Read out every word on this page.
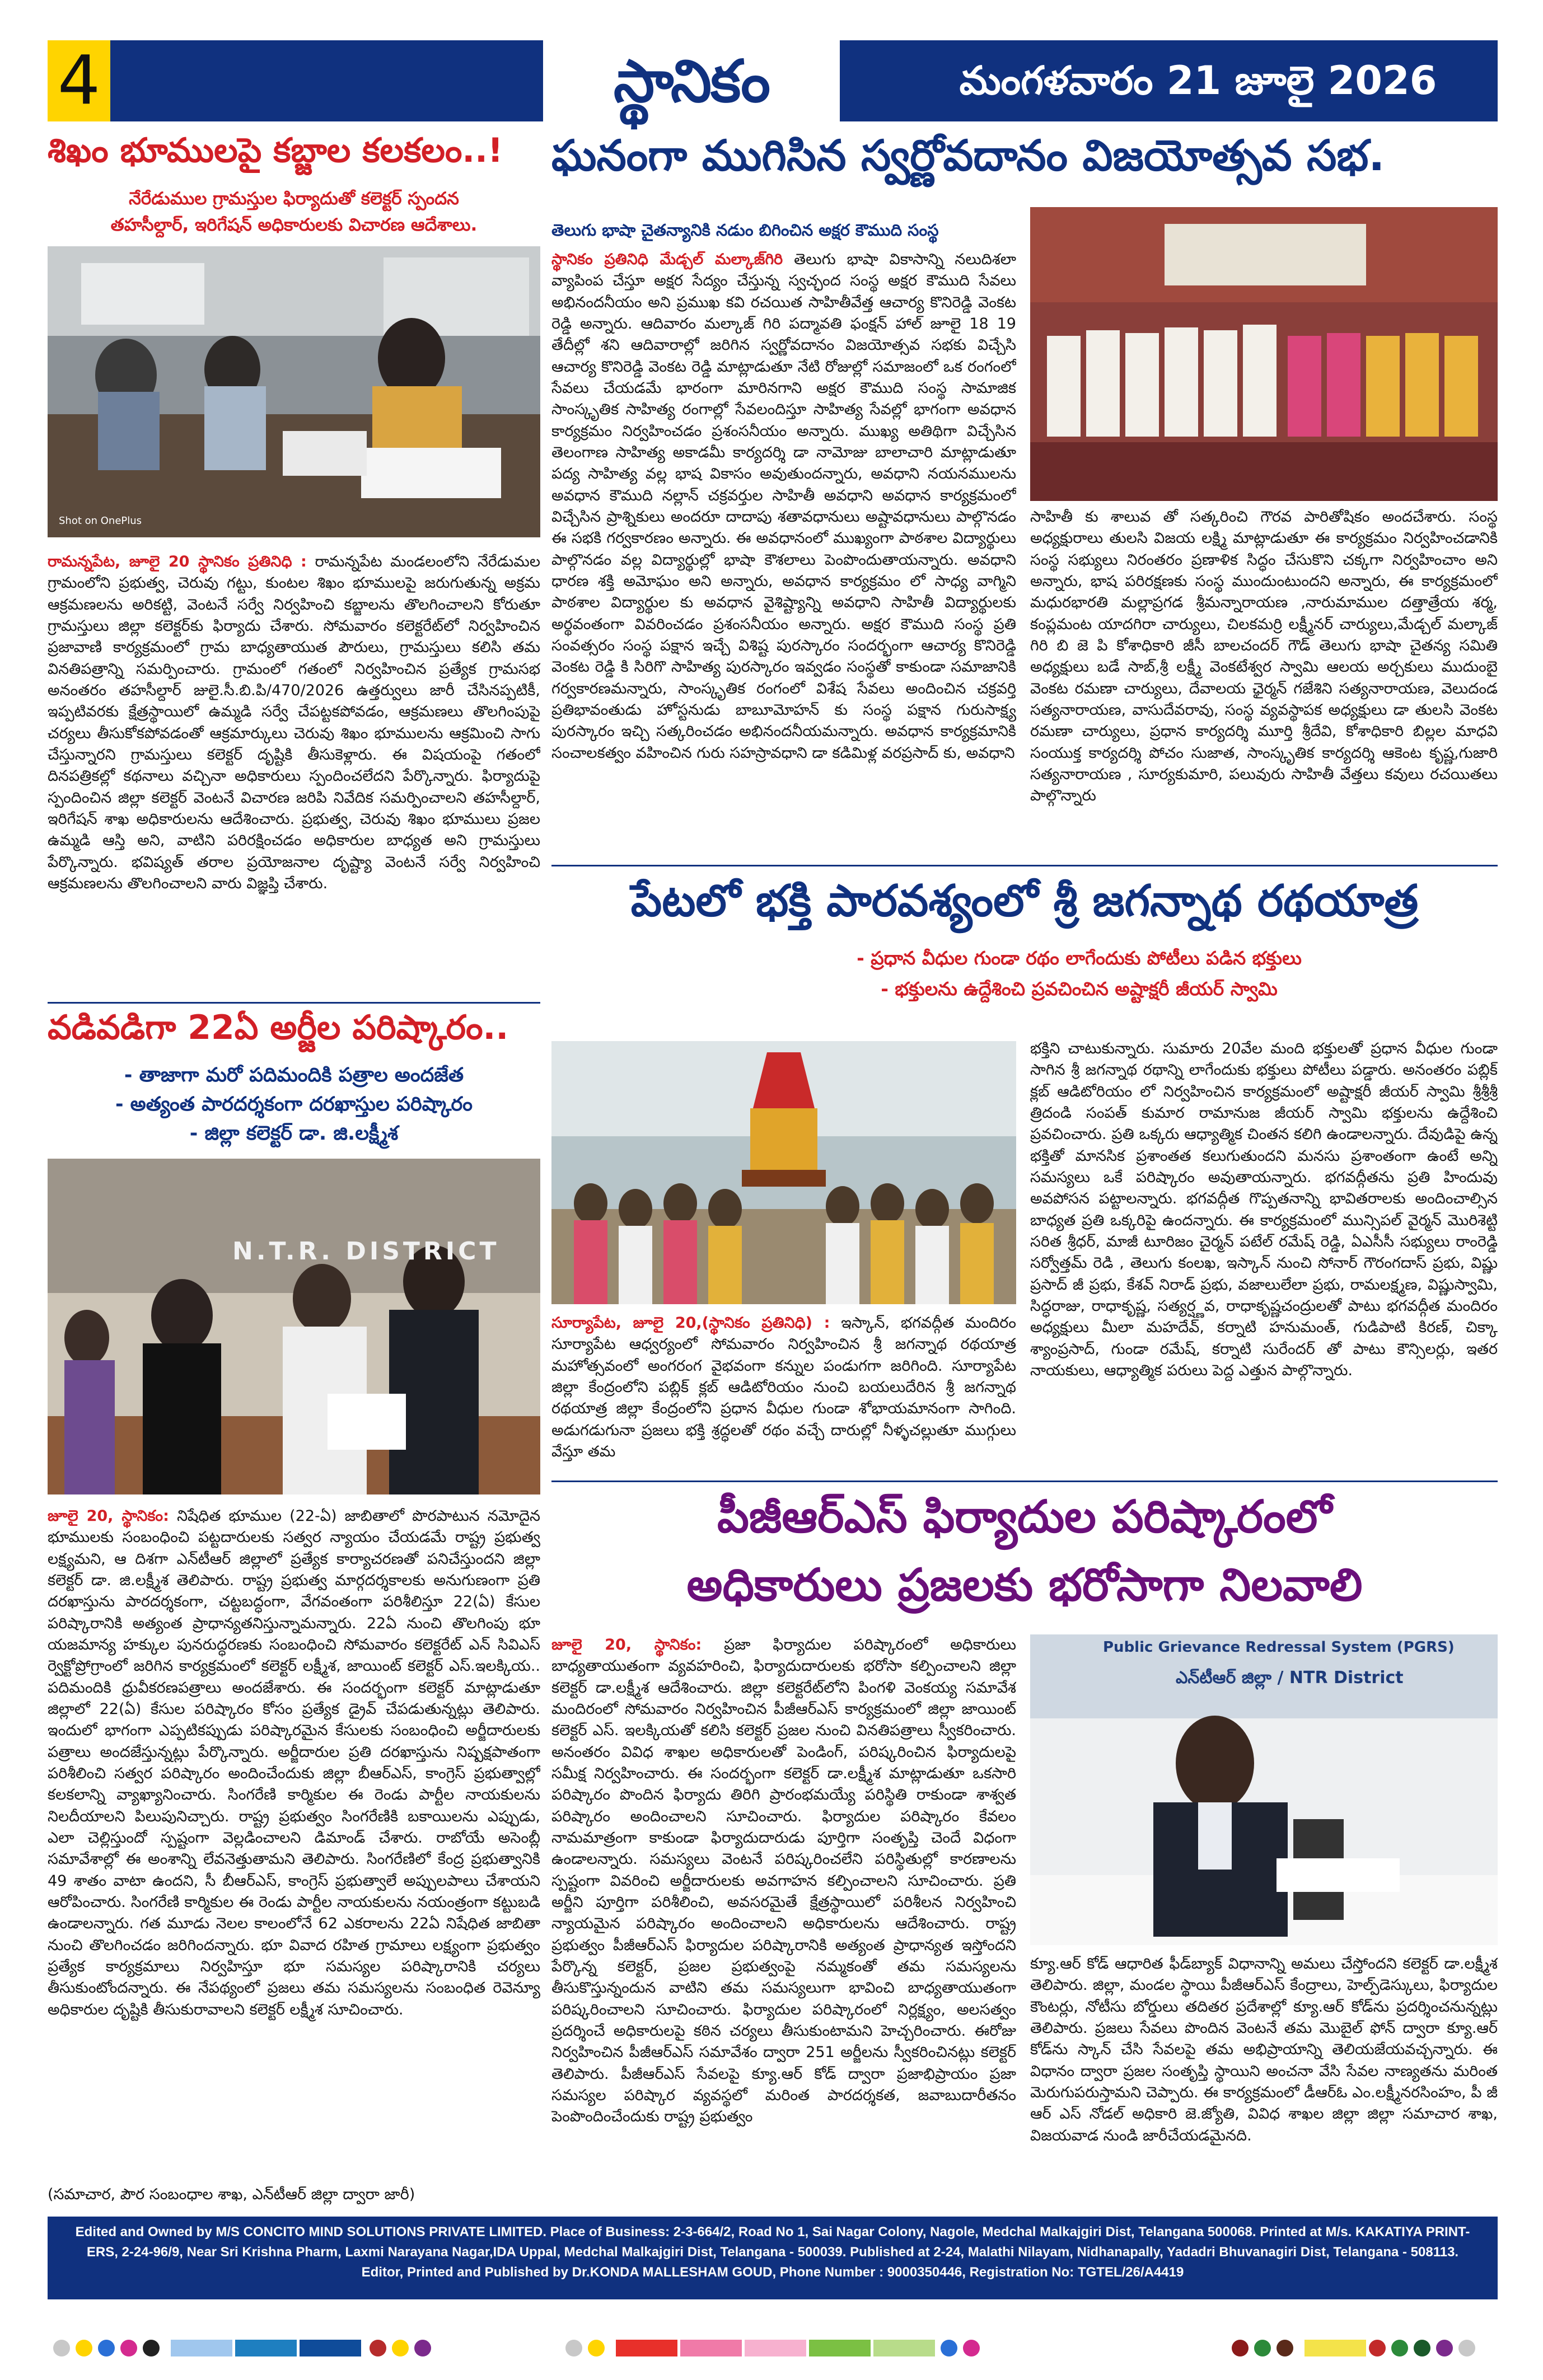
4	స్థానికం	మంగళవారం 21 జూలై 2026
శిఖం భూములపై కబ్జాల కలకలం..!
నేరేడుముల గ్రామస్తుల ఫిర్యాదుతో కలెక్టర్ స్పందన
తహసీల్దార్, ఇరిగేషన్ అధికారులకు విచారణ ఆదేశాలు.
Shot on OnePlus
రామన్నపేట, జూలై 20 స్థానికం ప్రతినిధి : రామన్నపేట మండలంలోని నేరేడుమల గ్రామంలోని ప్రభుత్వ, చెరువు గట్టు, కుంటల శిఖం భూములపై జరుగుతున్న అక్రమ ఆక్రమణలను అరికట్టి, వెంటనే సర్వే నిర్వహించి కబ్జాలను తొలగించాలని కోరుతూ గ్రామస్తులు జిల్లా కలెక్టర్‌కు ఫిర్యాదు చేశారు. సోమవారం కలెక్టరేట్‌లో నిర్వహించిన ప్రజావాణి కార్యక్రమంలో గ్రామ బాధ్యతాయుత పౌరులు, గ్రామస్తులు కలిసి తమ వినతిపత్రాన్ని సమర్పించారు. గ్రామంలో గతంలో నిర్వహించిన ప్రత్యేక గ్రామసభ అనంతరం తహసీల్దార్ జులై.సీ.బి.పి/470/2026 ఉత్తర్వులు జారీ చేసినప్పటికీ, ఇప్పటివరకు క్షేత్రస్థాయిలో ఉమ్మడి సర్వే చేపట్టకపోవడం, ఆక్రమణలు తొలగింపుపై చర్యలు తీసుకోకపోవడంతో ఆక్రమార్కులు చెరువు శిఖం భూములను ఆక్రమించి సాగు చేస్తున్నారని గ్రామస్తులు కలెక్టర్ దృష్టికి తీసుకెళ్లారు. ఈ విషయంపై గతంలో దినపత్రికల్లో కథనాలు వచ్చినా అధికారులు స్పందించలేదని పేర్కొన్నారు. ఫిర్యాదుపై స్పందించిన జిల్లా కలెక్టర్ వెంటనే విచారణ జరిపి నివేదిక సమర్పించాలని తహసీల్దార్, ఇరిగేషన్ శాఖ అధికారులను ఆదేశించారు. ప్రభుత్వ, చెరువు శిఖం భూములు ప్రజల ఉమ్మడి ఆస్తి అని, వాటిని పరిరక్షించడం అధికారుల బాధ్యత అని గ్రామస్తులు పేర్కొన్నారు. భవిష్యత్ తరాల ప్రయోజనాల దృష్ట్యా వెంటనే సర్వే నిర్వహించి ఆక్రమణలను తొలగించాలని వారు విజ్ఞప్తి చేశారు.
వడివడిగా 22ఏ అర్జీల పరిష్కారం..
- తాజాగా మరో పదిమందికి పత్రాల అందజేత
- అత్యంత పారదర్శకంగా దరఖాస్తుల పరిష్కారం
- జిల్లా కలెక్టర్ డా. జి.లక్ష్మీశ
N.T.R. DISTRICT
జూలై 20, స్థానికం: నిషేధిత భూముల (22-ఏ) జాబితాలో పొరపాటున నమోదైన భూములకు సంబంధించి పట్టదారులకు సత్వర న్యాయం చేయడమే రాష్ట్ర ప్రభుత్వ లక్ష్యమని, ఆ దిశగా ఎన్‌టీఆర్ జిల్లాలో ప్రత్యేక కార్యాచరణతో పనిచేస్తుందని జిల్లా కలెక్టర్ డా. జి.లక్ష్మీశ తెలిపారు. రాష్ట్ర ప్రభుత్వ మార్గదర్శకాలకు అనుగుణంగా ప్రతి దరఖాస్తును పారదర్శకంగా, చట్టబద్ధంగా, వేగవంతంగా పరిశీలిస్తూ 22(ఏ) కేసుల పరిష్కారానికి అత్యంత ప్రాధాన్యతనిస్తున్నామన్నారు. 22ఏ నుంచి తొలగింపు భూ యజమాన్య హక్కుల పునరుద్ధరణకు సంబంధించి సోమవారం కలెక్టరేట్ ఎన్ సివిఎస్ ర్వెక్టోప్రోగ్రాంలో జరిగిన కార్యక్రమంలో కలెక్టర్ లక్ష్మీశ, జాయింట్ కలెక్టర్ ఎస్.ఇలక్కియ.. పదిమందికి ధ్రువీకరణపత్రాలు అందజేశారు. ఈ సందర్భంగా కలెక్టర్ మాట్లాడుతూ జిల్లాలో 22(ఏ) కేసుల పరిష్కారం కోసం ప్రత్యేక డ్రైవ్ చేపడుతున్నట్లు తెలిపారు. ఇందులో భాగంగా ఎప్పటికప్పుడు పరిష్కారమైన కేసులకు సంబంధించి అర్జీదారులకు పత్రాలు అందజేస్తున్నట్లు పేర్కొన్నారు. అర్జీదారుల ప్రతి దరఖాస్తును నిష్పక్షపాతంగా పరిశీలించి సత్వర పరిష్కారం అందించేందుకు జిల్లా బీఆర్ఎస్, కాంగ్రెస్ ప్రభుత్వాల్లో కలకలాన్ని వ్యాఖ్యానించారు. సింగరేణి కార్మికుల ఈ రెండు పార్టీల నాయకులను నిలదీయాలని పిలుపునిచ్చారు. రాష్ట్ర ప్రభుత్వం సింగరేణికి బకాయిలను ఎప్పుడు, ఎలా చెల్లిస్తుందో స్పష్టంగా వెల్లడించాలని డిమాండ్ చేశారు. రాబోయే అసెంబ్లీ సమావేశాల్లో ఈ అంశాన్ని లేవనెత్తుతామని తెలిపారు. సింగరేణిలో కేంద్ర ప్రభుత్వానికి 49 శాతం వాటా ఉందని, సీ బీఆర్ఎస్, కాంగ్రెస్ ప్రభుత్వాలే అప్పులపాలు చేశాయని ఆరోపించారు. సింగరేణి కార్మికుల ఈ రెండు పార్టీల నాయకులను నయంత్రంగా కట్టుబడి ఉండాలన్నారు. గత మూడు నెలల కాలంలోనే 62 ఎకరాలను 22ఏ నిషేధిత జాబితా నుంచి తొలగించడం జరిగిందన్నారు. భూ వివాద రహిత గ్రామాలు లక్ష్యంగా ప్రభుత్వం ప్రత్యేక కార్యక్రమాలు నిర్వహిస్తూ భూ సమస్యల పరిష్కారానికి చర్యలు తీసుకుంటోందన్నారు. ఈ నేపథ్యంలో ప్రజలు తమ సమస్యలను సంబంధిత రెవెన్యూ అధికారుల దృష్టికి తీసుకురావాలని కలెక్టర్ లక్ష్మీశ సూచించారు.
(సమాచార, పౌర సంబంధాల శాఖ, ఎన్‌టీఆర్ జిల్లా ద్వారా జారీ)
ఘనంగా ముగిసిన స్వర్ణోవదానం విజయోత్సవ సభ.
తెలుగు భాషా చైతన్యానికి నడుం బిగించిన అక్షర కౌముది సంస్థ
స్థానికం ప్రతినిధి మేడ్చల్ మల్కాజ్‌గిరి తెలుగు భాషా వికాసాన్ని నలుదిశలా వ్యాపింప చేస్తూ అక్షర సేద్యం చేస్తున్న స్వచ్ఛంద సంస్థ అక్షర కౌముది సేవలు అభినందనీయం అని ప్రముఖ కవి రచయిత సాహితీవేత్త ఆచార్య కొనిరెడ్డి వెంకట రెడ్డి అన్నారు. ఆదివారం మల్కాజ్ గిరి పద్మావతి ఫంక్షన్ హాల్ జూలై 18 19 తేదీల్లో శని ఆదివారాల్లో జరిగిన స్వర్ణోవదానం విజయోత్సవ సభకు విచ్చేసి ఆచార్య కొనిరెడ్డి వెంకట రెడ్డి మాట్లాడుతూ నేటి రోజుల్లో సమాజంలో ఒక రంగంలో సేవలు చేయడమే భారంగా మారినగాని అక్షర కౌముది సంస్థ సామాజిక సాంస్కృతిక సాహిత్య రంగాల్లో సేవలందిస్తూ సాహిత్య సేవల్లో భాగంగా అవధాన కార్యక్రమం నిర్వహించడం ప్రశంసనీయం అన్నారు. ముఖ్య అతిథిగా విచ్చేసిన తెలంగాణ సాహిత్య అకాడమీ కార్యదర్శి డా నామోజు బాలాచారి మాట్లాడుతూ పద్య సాహిత్య వల్ల భాష వికాసం అవుతుందన్నారు, అవధాని నయనములను అవధాన కౌముది నల్లాన్ చక్రవర్తుల సాహితీ అవధాని అవధాన కార్యక్రమంలో విచ్చేసిన ప్రాశ్నికులు అందరూ దాదాపు శతావధానులు అష్టావధానులు పాల్గొనడం ఈ సభకి గర్వకారణం అన్నారు. ఈ అవధానంలో ముఖ్యంగా పాఠశాల విద్యార్థులు పాల్గొనడం వల్ల విద్యార్థుల్లో భాషా కౌశలాలు పెంపొందుతాయన్నారు. అవధాని ధారణ శక్తి అమోఘం అని అన్నారు, అవధాన కార్యక్రమం లో సాధ్య వాగ్మిని పాఠశాల విద్యార్థుల కు అవధాన వైశిష్ట్యాన్ని అవధాని సాహితీ విద్యార్థులకు అర్థవంతంగా వివరించడం ప్రశంసనీయం అన్నారు. అక్షర కౌముది సంస్థ ప్రతి సంవత్సరం సంస్థ పక్షాన ఇచ్చే విశిష్ట పురస్కారం సందర్భంగా ఆచార్య కొనిరెడ్డి వెంకట రెడ్డి కి సిరిగొ సాహిత్య పురస్కారం ఇవ్వడం సంస్థతో కాకుండా సమాజానికి గర్వకారణమన్నారు, సాంస్కృతిక రంగంలో విశేష సేవలు అందించిన చక్రవర్తి ప్రతిభావంతుడు హోస్టనుడు బాబూమోహన్ కు సంస్థ పక్షాన గురుసాక్ష్య పురస్కారం ఇచ్చి సత్కరించడం అభినందనీయమన్నారు. అవధాన కార్యక్రమానికి సంచాలకత్వం వహించిన గురు సహస్రావధాని డా కడిమిళ్ల వరప్రసాద్ కు, అవధాని
సాహితీ కు శాలువ తో సత్కరించి గౌరవ పారితోషికం అందచేశారు. సంస్థ అధ్యక్షురాలు తులసి విజయ లక్ష్మి మాట్లాడుతూ ఈ కార్యక్రమం నిర్వహించడానికి సంస్థ సభ్యులు నిరంతరం ప్రణాళిక సిద్ధం చేసుకొని చక్కగా నిర్వహించాం అని అన్నారు, భాష పరిరక్షణకు సంస్థ ముందుంటుందని అన్నారు, ఈ కార్యక్రమంలో మధురభారతి మల్లాప్రగడ శ్రీమన్నారాయణ ,నారుమాముల దత్తాత్రేయ శర్మ, కంప్లమంట యాదగిరా చార్యులు, చిలకమర్రి లక్ష్మీనర్ చార్యులు,మేడ్చల్ మల్కాజ్ గిరి బి జె పి కోశాధికారి జీసీ బాలచందర్ గౌడ్ తెలుగు భాషా చైతన్య సమితి అధ్యక్షులు బడే సాబ్,శ్రీ లక్ష్మీ వెంకటేశ్వర స్వామి ఆలయ అర్చకులు ముదుంబై వెంకట రమణా చార్యులు, దేవాలయ ఛైర్మన్ గజేశిని సత్యనారాయణ, వెలుదండ సత్యనారాయణ, వాసుదేవరావు, సంస్థ వ్యవస్థాపక అధ్యక్షులు డా తులసి వెంకట రమణా చార్యులు, ప్రధాన కార్యదర్శి మూర్తి శ్రీదేవి, కోశాధికారి బిల్లల మాధవి సంయుక్త కార్యదర్శి పోచం సుజాత, సాంస్కృతిక కార్యదర్శి ఆకెంట కృష్ణ,గుజారి సత్యనారాయణ , సూర్యకుమారి, పలువురు సాహితీ వేత్తలు కవులు రచయితలు పాల్గొన్నారు
పేటలో భక్తి పారవశ్యంలో శ్రీ జగన్నాథ రథయాత్ర
- ప్రధాన వీధుల గుండా రథం లాగేందుకు పోటీలు పడిన భక్తులు
- భక్తులను ఉద్దేశించి ప్రవచించిన అష్టాక్షరీ జీయర్ స్వామి
సూర్యాపేట, జూలై 20,(స్థానికం ప్రతినిధి) : ఇస్కాన్, భగవద్గీత మందిరం సూర్యాపేట ఆధ్వర్యంలో సోమవారం నిర్వహించిన శ్రీ జగన్నాథ రథయాత్ర మహోత్సవంలో అంగరంగ వైభవంగా కన్నుల పండుగగా జరిగింది. సూర్యాపేట జిల్లా కేంద్రంలోని పబ్లిక్ క్లబ్ ఆడిటోరియం నుంచి బయలుదేరిన శ్రీ జగన్నాథ రథయాత్ర జిల్లా కేంద్రంలోని ప్రధాన వీధుల గుండా శోభాయమానంగా సాగింది. అడుగడుగునా ప్రజలు భక్తి శ్రద్ధలతో రథం వచ్చే దారుల్లో నీళ్ళచల్లుతూ ముగ్గులు వేస్తూ తమ
భక్తిని చాటుకున్నారు. సుమారు 20వేల మంది భక్తులతో ప్రధాన వీధుల గుండా సాగిన శ్రీ జగన్నాథ రథాన్ని లాగేందుకు భక్తులు పోటీలు పడ్డారు. అనంతరం పబ్లిక్ క్లబ్ ఆడిటోరియం లో నిర్వహించిన కార్యక్రమంలో అష్టాక్షరీ జీయర్ స్వామి శ్రీశ్రీశ్రీ త్రిదండి సంపత్ కుమార రామానుజ జీయర్ స్వామి భక్తులను ఉద్దేశించి ప్రవచించారు. ప్రతి ఒక్కరు ఆధ్యాత్మిక చింతన కలిగి ఉండాలన్నారు. దేవుడిపై ఉన్న భక్తితో మానసిక ప్రశాంతత కలుగుతుందని మనసు ప్రశాంతంగా ఉంటే అన్ని సమస్యలు ఒకే పరిష్కారం అవుతాయన్నారు. భగవద్గీతను ప్రతి హిందువు అవపోసన పట్టాలన్నారు. భగవద్గీత గొప్పతనాన్ని భావితరాలకు అందించాల్సిన బాధ్యత ప్రతి ఒక్కరిపై ఉందన్నారు. ఈ కార్యక్రమంలో మున్సిపల్ వైర్మన్ మొరిశెట్టి సరిత శ్రీధర్, మాజీ టూరిజం చైర్మన్ పటేల్ రమేష్ రెడ్డి, ఏఎసీసీ సభ్యులు రాంరెడ్డి సర్వోత్తమ్ రెడి , తెలుగు కంలఖ, ఇస్కాన్ నుంచి సోనార్ గౌరంగదాస్ ప్రభు, విష్ణు ప్రసాద్ జీ ప్రభు, కేశవ్ నిరాడ్ ప్రభు, వజాలులేలా ప్రభు, రామలక్ష్మణ, విష్ణుస్వామి, సిద్ధరాజు, రాధాకృష్ణ, సత్యర్ష్ణవ, రాధాకృష్ణచంద్రులతో పాటు భగవద్గీత మందిరం అధ్యక్షులు మీలా మహదేవ్, కర్నాటి హనుమంత్, గుడిపాటి కిరణ్, చిక్కా శ్యాంప్రసాద్, గుండా రమేష్, కర్నాటి సురేందర్ తో పాటు కౌన్సిలర్లు, ఇతర నాయకులు, ఆధ్యాత్మిక పరులు పెద్ద ఎత్తున పాల్గొన్నారు.
పీజీఆర్ఎస్ ఫిర్యాదుల పరిష్కారంలో
అధికారులు ప్రజలకు భరోసాగా నిలవాలి
జూలై 20, స్థానికం: ప్రజా ఫిర్యాదుల పరిష్కారంలో అధికారులు బాధ్యతాయుతంగా వ్యవహరించి, ఫిర్యాదుదారులకు భరోసా కల్పించాలని జిల్లా కలెక్టర్ డా.లక్ష్మీశ ఆదేశించారు. జిల్లా కలెక్టరేట్‌లోని పింగళి వెంకయ్య సమావేశ మందిరంలో సోమవారం నిర్వహించిన పీజీఆర్ఎస్ కార్యక్రమంలో జిల్లా జాయింట్ కలెక్టర్ ఎస్. ఇలక్కియతో కలిసి కలెక్టర్ ప్రజల నుంచి వినతిపత్రాలు స్వీకరించారు. అనంతరం వివిధ శాఖల అధికారులతో పెండింగ్, పరిష్కరించిన ఫిర్యాదులపై సమీక్ష నిర్వహించారు. ఈ సందర్భంగా కలెక్టర్ డా.లక్ష్మీశ మాట్లాడుతూ ఒకసారి పరిష్కారం పొందిన ఫిర్యాదు తిరిగి ప్రారంభమయ్యే పరిస్థితి రాకుండా శాశ్వత పరిష్కారం అందించాలని సూచించారు. ఫిర్యాదుల పరిష్కారం కేవలం నామమాత్రంగా కాకుండా ఫిర్యాదుదారుడు పూర్తిగా సంతృప్తి చెందే విధంగా ఉండాలన్నారు. సమస్యలు వెంటనే పరిష్కరించలేని పరిస్థితుల్లో కారణాలను స్పష్టంగా వివరించి అర్జీదారులకు అవగాహన కల్పించాలని సూచించారు. ప్రతి అర్జీని పూర్తిగా పరిశీలించి, అవసరమైతే క్షేత్రస్థాయిలో పరిశీలన నిర్వహించి న్యాయమైన పరిష్కారం అందించాలని అధికారులను ఆదేశించారు. రాష్ట్ర ప్రభుత్వం పీజీఆర్ఎస్ ఫిర్యాదుల పరిష్కారానికి అత్యంత ప్రాధాన్యత ఇస్తోందని పేర్కొన్న కలెక్టర్, ప్రజల ప్రభుత్వంపై నమ్మకంతో తమ సమస్యలను తీసుకొస్తున్నందున వాటిని తమ సమస్యలుగా భావించి బాధ్యతాయుతంగా పరిష్కరించాలని సూచించారు. ఫిర్యాదుల పరిష్కారంలో నిర్లక్ష్యం, అలసత్వం ప్రదర్శించే అధికారులపై కఠిన చర్యలు తీసుకుంటామని హెచ్చరించారు. ఈరోజు నిర్వహించిన పీజీఆర్ఎస్ సమావేశం ద్వారా 251 అర్జీలను స్వీకరించినట్లు కలెక్టర్ తెలిపారు. పీజీఆర్ఎస్ సేవలపై క్యూ.ఆర్ కోడ్ ద్వారా ప్రజాభిప్రాయం ప్రజా సమస్యల పరిష్కార వ్యవస్థలో మరింత పారదర్శకత, జవాబుదారీతనం పెంపొందించేందుకు రాష్ట్ర ప్రభుత్వం
Public Grievance Redressal System (PGRS)
ఎన్‌టీఆర్ జిల్లా / NTR District
క్యూ.ఆర్ కోడ్ ఆధారిత ఫీడ్‌బ్యాక్ విధానాన్ని అమలు చేస్తోందని కలెక్టర్ డా.లక్ష్మీశ తెలిపారు. జిల్లా, మండల స్థాయి పీజీఆర్ఎస్ కేంద్రాలు, హెల్ప్‌డెస్కులు, ఫిర్యాదుల కౌంటర్లు, నోటీసు బోర్డులు తదితర ప్రదేశాల్లో క్యూ.ఆర్ కోడ్‌ను ప్రదర్శించనున్నట్లు తెలిపారు. ప్రజలు సేవలు పొందిన వెంటనే తమ మొబైల్ ఫోన్ ద్వారా క్యూ.ఆర్ కోడ్‌ను స్కాన్ చేసి సేవలపై తమ అభిప్రాయాన్ని తెలియజేయవచ్చన్నారు. ఈ విధానం ద్వారా ప్రజల సంతృప్తి స్థాయిని అంచనా వేసి సేవల నాణ్యతను మరింత మెరుగుపరుస్తామని చెప్పారు. ఈ కార్యక్రమంలో డీఆర్ఓ ఎం.లక్ష్మీనరసింహం, పీ జీ ఆర్ ఎస్ నోడల్ అధికారి జె.జ్యోతి, వివిధ శాఖల జిల్లా జిల్లా సమాచార శాఖ, విజయవాడ నుండి జారీచేయడమైనది.
Edited and Owned by M/S CONCITO MIND SOLUTIONS PRIVATE LIMITED. Place of Business: 2-3-664/2, Road No 1, Sai Nagar Colony, Nagole, Medchal Malkajgiri Dist, Telangana 500068. Printed at M/s. KAKATIYA PRINT-
ERS, 2-24-96/9, Near Sri Krishna Pharm, Laxmi Narayana Nagar,IDA Uppal, Medchal Malkajgiri Dist, Telangana - 500039. Published at 2-24, Malathi Nilayam, Nidhanapally, Yadadri Bhuvanagiri Dist, Telangana - 508113.
Editor, Printed and Published by Dr.KONDA MALLESHAM GOUD, Phone Number : 9000350446, Registration No: TGTEL/26/A4419
